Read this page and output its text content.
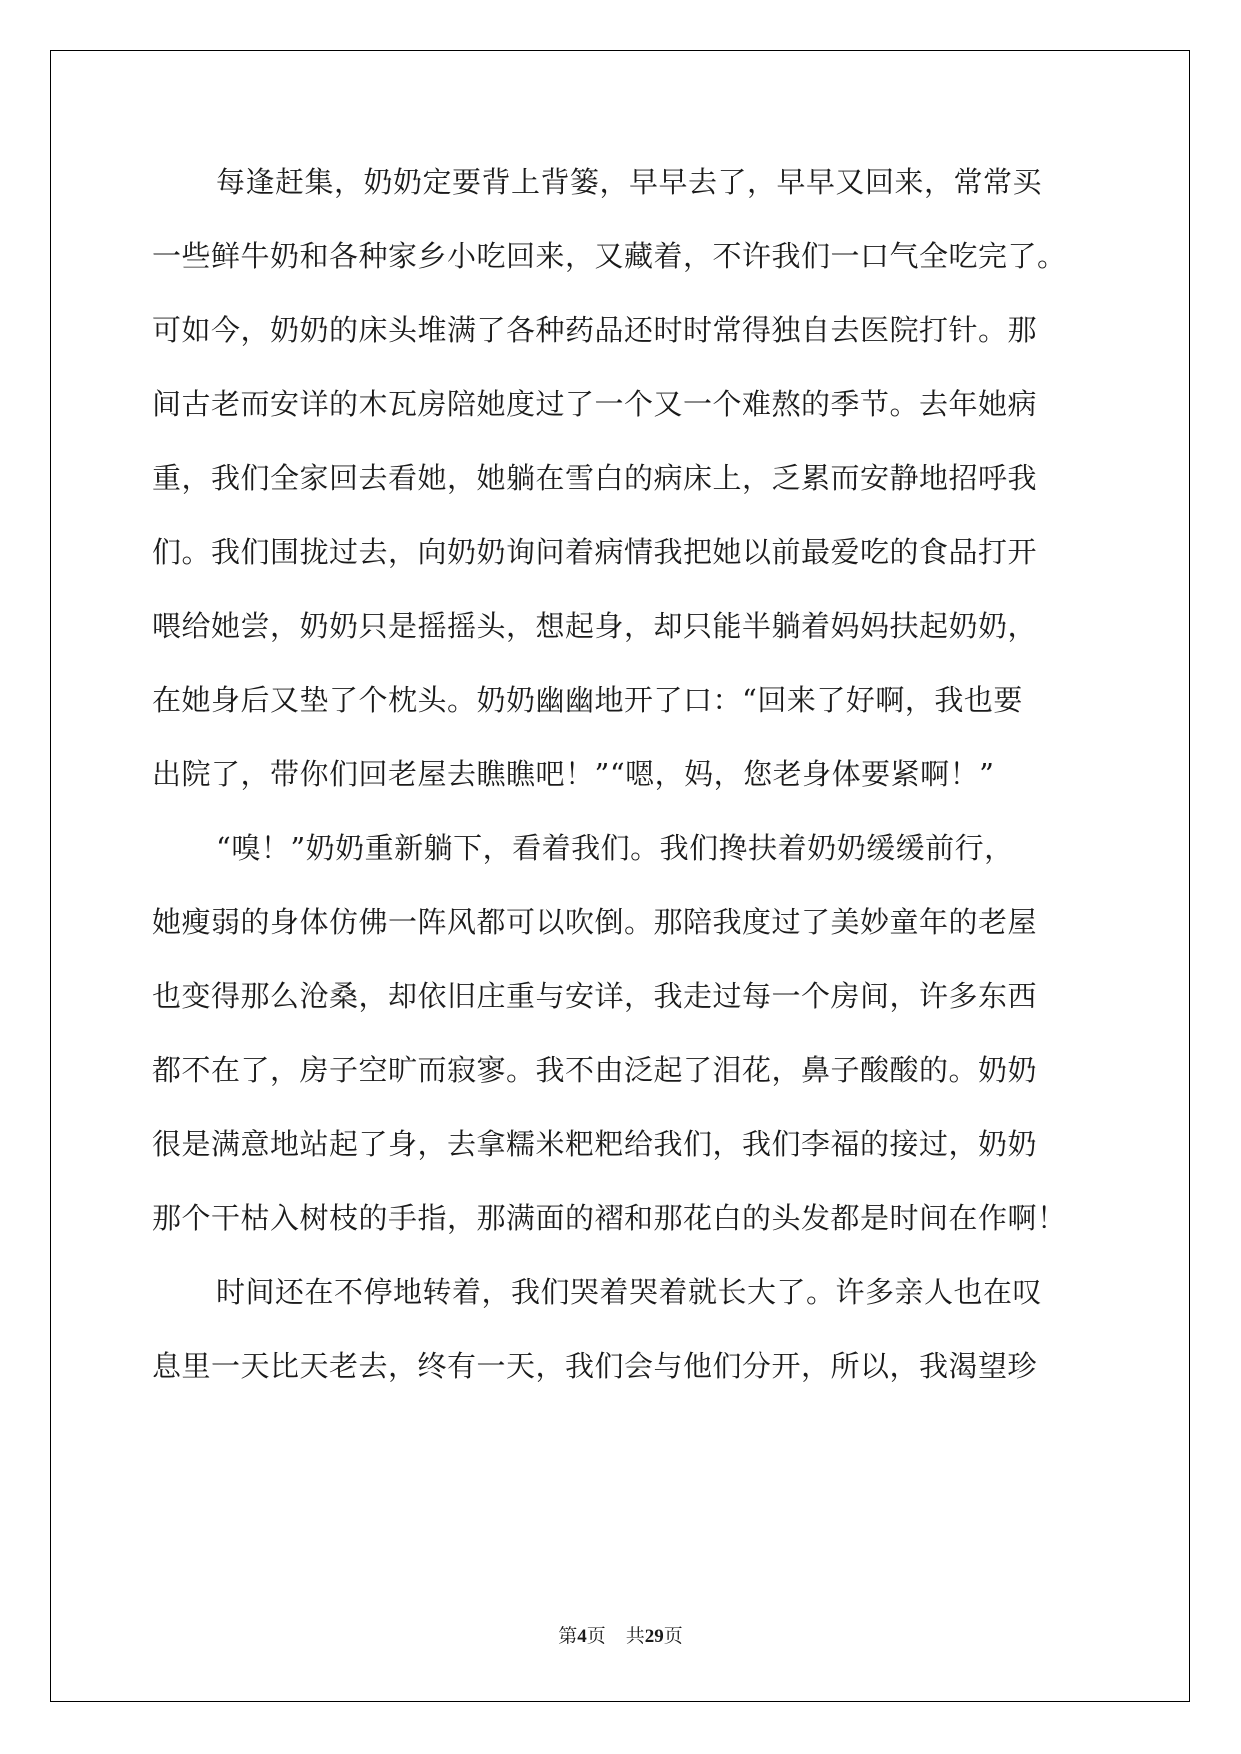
每逢赶集，奶奶定要背上背篓，早早去了，早早又回来，常常买
一些鲜牛奶和各种家乡小吃回来，又藏着，不许我们一口气全吃完了。
可如今，奶奶的床头堆满了各种药品还时时常得独自去医院打针。那
间古老而安详的木瓦房陪她度过了一个又一个难熬的季节。去年她病
重，我们全家回去看她，她躺在雪白的病床上，乏累而安静地招呼我
们。我们围拢过去，向奶奶询问着病情我把她以前最爱吃的食品打开
喂给她尝，奶奶只是摇摇头，想起身，却只能半躺着妈妈扶起奶奶，
在她身后又垫了个枕头。奶奶幽幽地开了口：“回来了好啊，我也要
出院了，带你们回老屋去瞧瞧吧！”“嗯，妈，您老身体要紧啊！”
“嗅！”奶奶重新躺下，看着我们。我们搀扶着奶奶缓缓前行，
她瘦弱的身体仿佛一阵风都可以吹倒。那陪我度过了美妙童年的老屋
也变得那么沧桑，却依旧庄重与安详，我走过每一个房间，许多东西
都不在了，房子空旷而寂寥。我不由泛起了泪花，鼻子酸酸的。奶奶
很是满意地站起了身，去拿糯米粑粑给我们，我们李福的接过，奶奶
那个干枯入树枝的手指，那满面的褶和那花白的头发都是时间在作啊！
时间还在不停地转着，我们哭着哭着就长大了。许多亲人也在叹
息里一天比天老去，终有一天，我们会与他们分开，所以，我渴望珍
第4页 共29页
